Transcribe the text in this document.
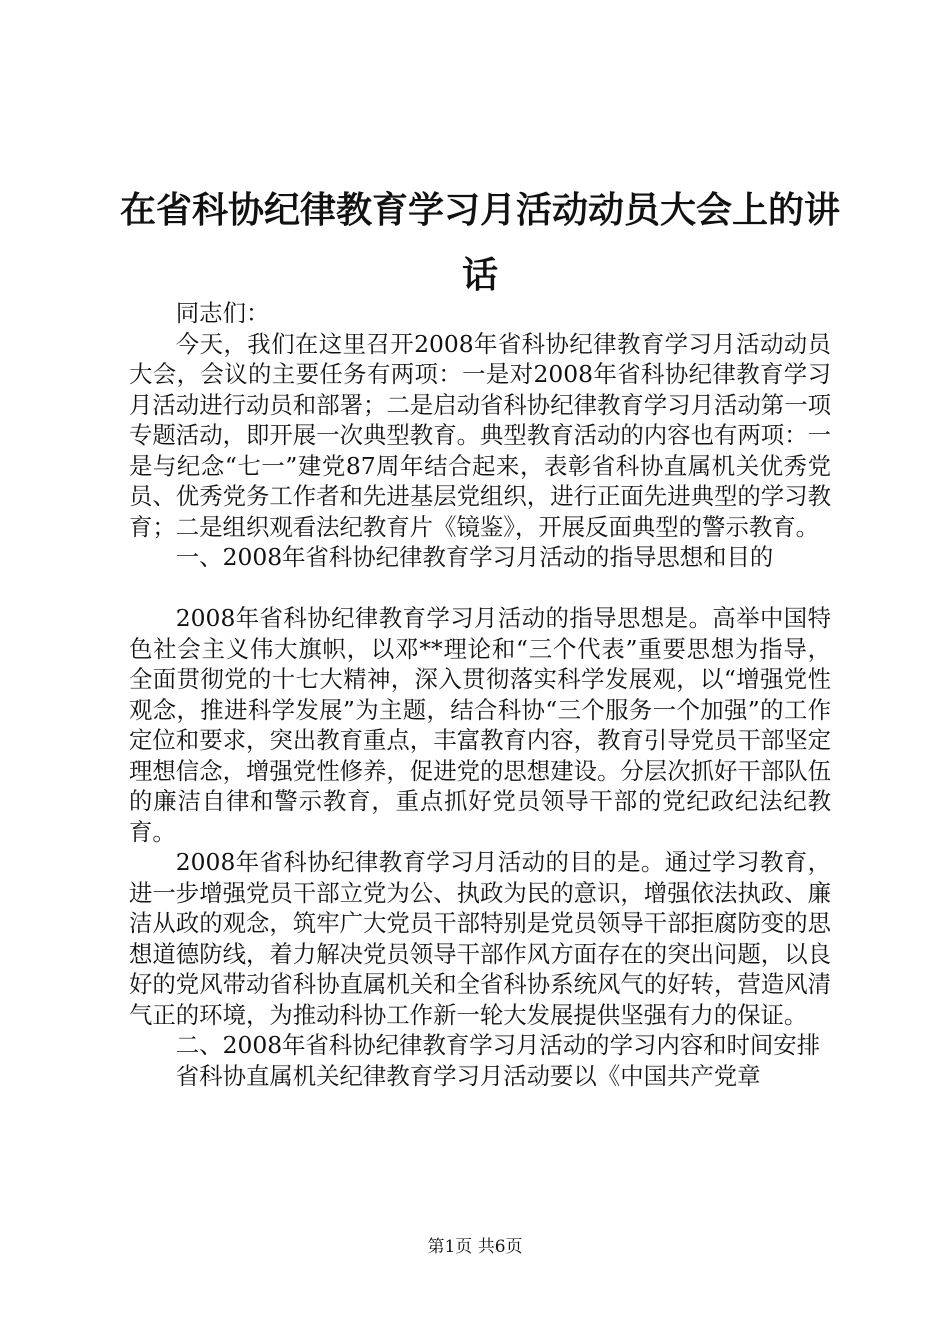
在省科协纪律教育学习月活动动员大会上的讲话

同志们：

今天，我们在这里召开2008年省科协纪律教育学习月活动动员大会，会议的主要任务有两项：一是对2008年省科协纪律教育学习月活动进行动员和部署；二是启动省科协纪律教育学习月活动第一项专题活动，即开展一次典型教育。典型教育活动的内容也有两项：一是与纪念“七一”建党87周年结合起来，表彰省科协直属机关优秀党员、优秀党务工作者和先进基层党组织，进行正面先进典型的学习教育；二是组织观看法纪教育片《镜鉴》，开展反面典型的警示教育。

一、2008年省科协纪律教育学习月活动的指导思想和目的

2008年省科协纪律教育学习月活动的指导思想是。高举中国特色社会主义伟大旗帜，以邓**理论和“三个代表”重要思想为指导，全面贯彻党的十七大精神，深入贯彻落实科学发展观，以“增强党性观念，推进科学发展”为主题，结合科协“三个服务一个加强”的工作定位和要求，突出教育重点，丰富教育内容，教育引导党员干部坚定理想信念，增强党性修养，促进党的思想建设。分层次抓好干部队伍的廉洁自律和警示教育，重点抓好党员领导干部的党纪政纪法纪教育。

2008年省科协纪律教育学习月活动的目的是。通过学习教育，进一步增强党员干部立党为公、执政为民的意识，增强依法执政、廉洁从政的观念，筑牢广大党员干部特别是党员领导干部拒腐防变的思想道德防线，着力解决党员领导干部作风方面存在的突出问题，以良好的党风带动省科协直属机关和全省科协系统风气的好转，营造风清气正的环境，为推动科协工作新一轮大发展提供坚强有力的保证。

二、2008年省科协纪律教育学习月活动的学习内容和时间安排

省科协直属机关纪律教育学习月活动要以《中国共产党章

第1页 共6页
